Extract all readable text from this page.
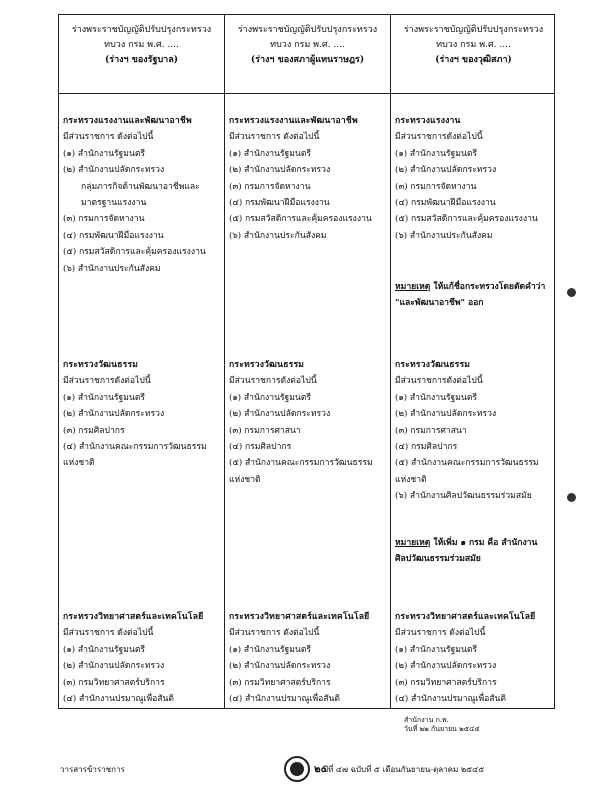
ร่างพระราชบัญญัติปรับปรุงกระทรวง
ทบวง กรม พ.ศ. ....
(ร่างฯ ของรัฐบาล)
ร่างพระราชบัญญัติปรับปรุงกระทรวง
ทบวง กรม พ.ศ. ....
(ร่างฯ ของสภาผู้แทนราษฎร)
ร่างพระราชบัญญัติปรับปรุงกระทรวง
ทบวง กรม พ.ศ. ....
(ร่างฯ ของวุฒิสภา)
กระทรวงแรงงานและพัฒนาอาชีพ
มีส่วนราชการ ดังต่อไปนี้
(๑) สำนักงานรัฐมนตรี
(๒) สำนักงานปลัดกระทรวง
กลุ่มภารกิจด้านพัฒนาอาชีพและมาตรฐานแรงงาน
(๓) กรมการจัดหางาน
(๔) กรมพัฒนาฝีมือแรงงาน
(๕) กรมสวัสดิการและคุ้มครองแรงงาน
(๖) สำนักงานประกันสังคม
กระทรวงวัฒนธรรม
มีส่วนราชการดังต่อไปนี้
(๑) สำนักงานรัฐมนตรี
(๒) สำนักงานปลัดกระทรวง
(๓) กรมศิลปากร
(๔) สำนักงานคณะกรรมการวัฒนธรรมแห่งชาติ
กระทรวงวิทยาศาสตร์และเทคโนโลยี
มีส่วนราชการ ดังต่อไปนี้
(๑) สำนักงานรัฐมนตรี
(๒) สำนักงานปลัดกระทรวง
(๓) กรมวิทยาศาสตร์บริการ
(๔) สำนักงานปรมาณูเพื่อสันติ
กระทรวงแรงงานและพัฒนาอาชีพ
มีส่วนราชการ ดังต่อไปนี้
(๑) สำนักงานรัฐมนตรี
(๒) สำนักงานปลัดกระทรวง
(๓) กรมการจัดหางาน
(๔) กรมพัฒนาฝีมือแรงงาน
(๕) กรมสวัสดิการและคุ้มครองแรงงาน
(๖) สำนักงานประกันสังคม
กระทรวงวัฒนธรรม
มีส่วนราชการดังต่อไปนี้
(๑) สำนักงานรัฐมนตรี
(๒) สำนักงานปลัดกระทรวง
(๓) กรมการศาสนา
(๔) กรมศิลปากร
(๕) สำนักงานคณะกรรมการวัฒนธรรมแห่งชาติ
กระทรวงวิทยาศาสตร์และเทคโนโลยี
มีส่วนราชการ ดังต่อไปนี้
(๑) สำนักงานรัฐมนตรี
(๒) สำนักงานปลัดกระทรวง
(๓) กรมวิทยาศาสตร์บริการ
(๔) สำนักงานปรมาณูเพื่อสันติ
กระทรวงแรงงาน
มีส่วนราชการดังต่อไปนี้
(๑) สำนักงานรัฐมนตรี
(๒) สำนักงานปลัดกระทรวง
(๓) กรมการจัดหางาน
(๔) กรมพัฒนาฝีมือแรงงาน
(๕) กรมสวัสดิการและคุ้มครองแรงงาน
(๖) สำนักงานประกันสังคม
หมายเหตุ ให้แก้ชื่อกระทรวงโดยตัดคำว่า "และพัฒนาอาชีพ" ออก
กระทรวงวัฒนธรรม
มีส่วนราชการดังต่อไปนี้
(๑) สำนักงานรัฐมนตรี
(๒) สำนักงานปลัดกระทรวง
(๓) กรมการศาสนา
(๔) กรมศิลปากร
(๕) สำนักงานคณะกรรมการวัฒนธรรมแห่งชาติ
(๖) สำนักงานศิลปวัฒนธรรมร่วมสมัย
หมายเหตุ ให้เพิ่ม ๑ กรม คือ สำนักงานศิลปวัฒนธรรมร่วมสมัย
กระทรวงวิทยาศาสตร์และเทคโนโลยี
มีส่วนราชการ ดังต่อไปนี้
(๑) สำนักงานรัฐมนตรี
(๒) สำนักงานปลัดกระทรวง
(๓) กรมวิทยาศาสตร์บริการ
(๔) สำนักงานปรมาณูเพื่อสันติ
สำนักงาน ก.พ.
วันที่ ๒๒ กันยายน ๒๕๔๕
วารสารข้าราชการ	๒๐
ปีที่ ๔๗ ฉบับที่ ๕ เดือนกันยายน-ตุลาคม ๒๕๔๕
